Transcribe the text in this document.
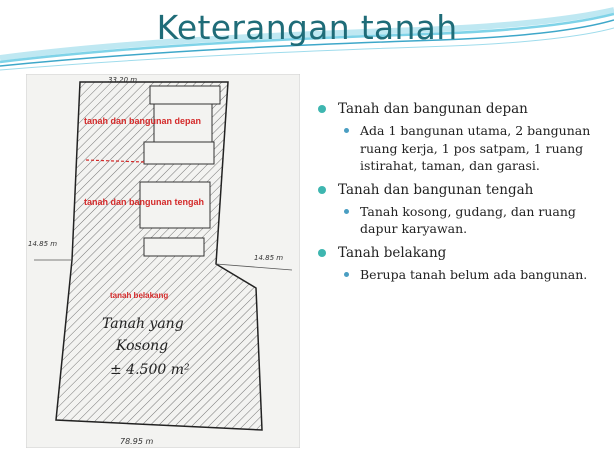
Keterangan tanah
tanah dan bangunan depan
tanah dan bangunan tengah
tanah belakang
33.20 m
14.85 m
14.85 m
78.95 m
Tanah yang
Kosong
± 4.500 m²
Tanah dan bangunan depan
Ada 1 bangunan utama, 2 bangunan ruang kerja, 1 pos satpam, 1 ruang istirahat, taman, dan garasi.
Tanah dan bangunan tengah
Tanah kosong, gudang, dan ruang dapur karyawan.
Tanah belakang
Berupa tanah belum ada bangunan.
